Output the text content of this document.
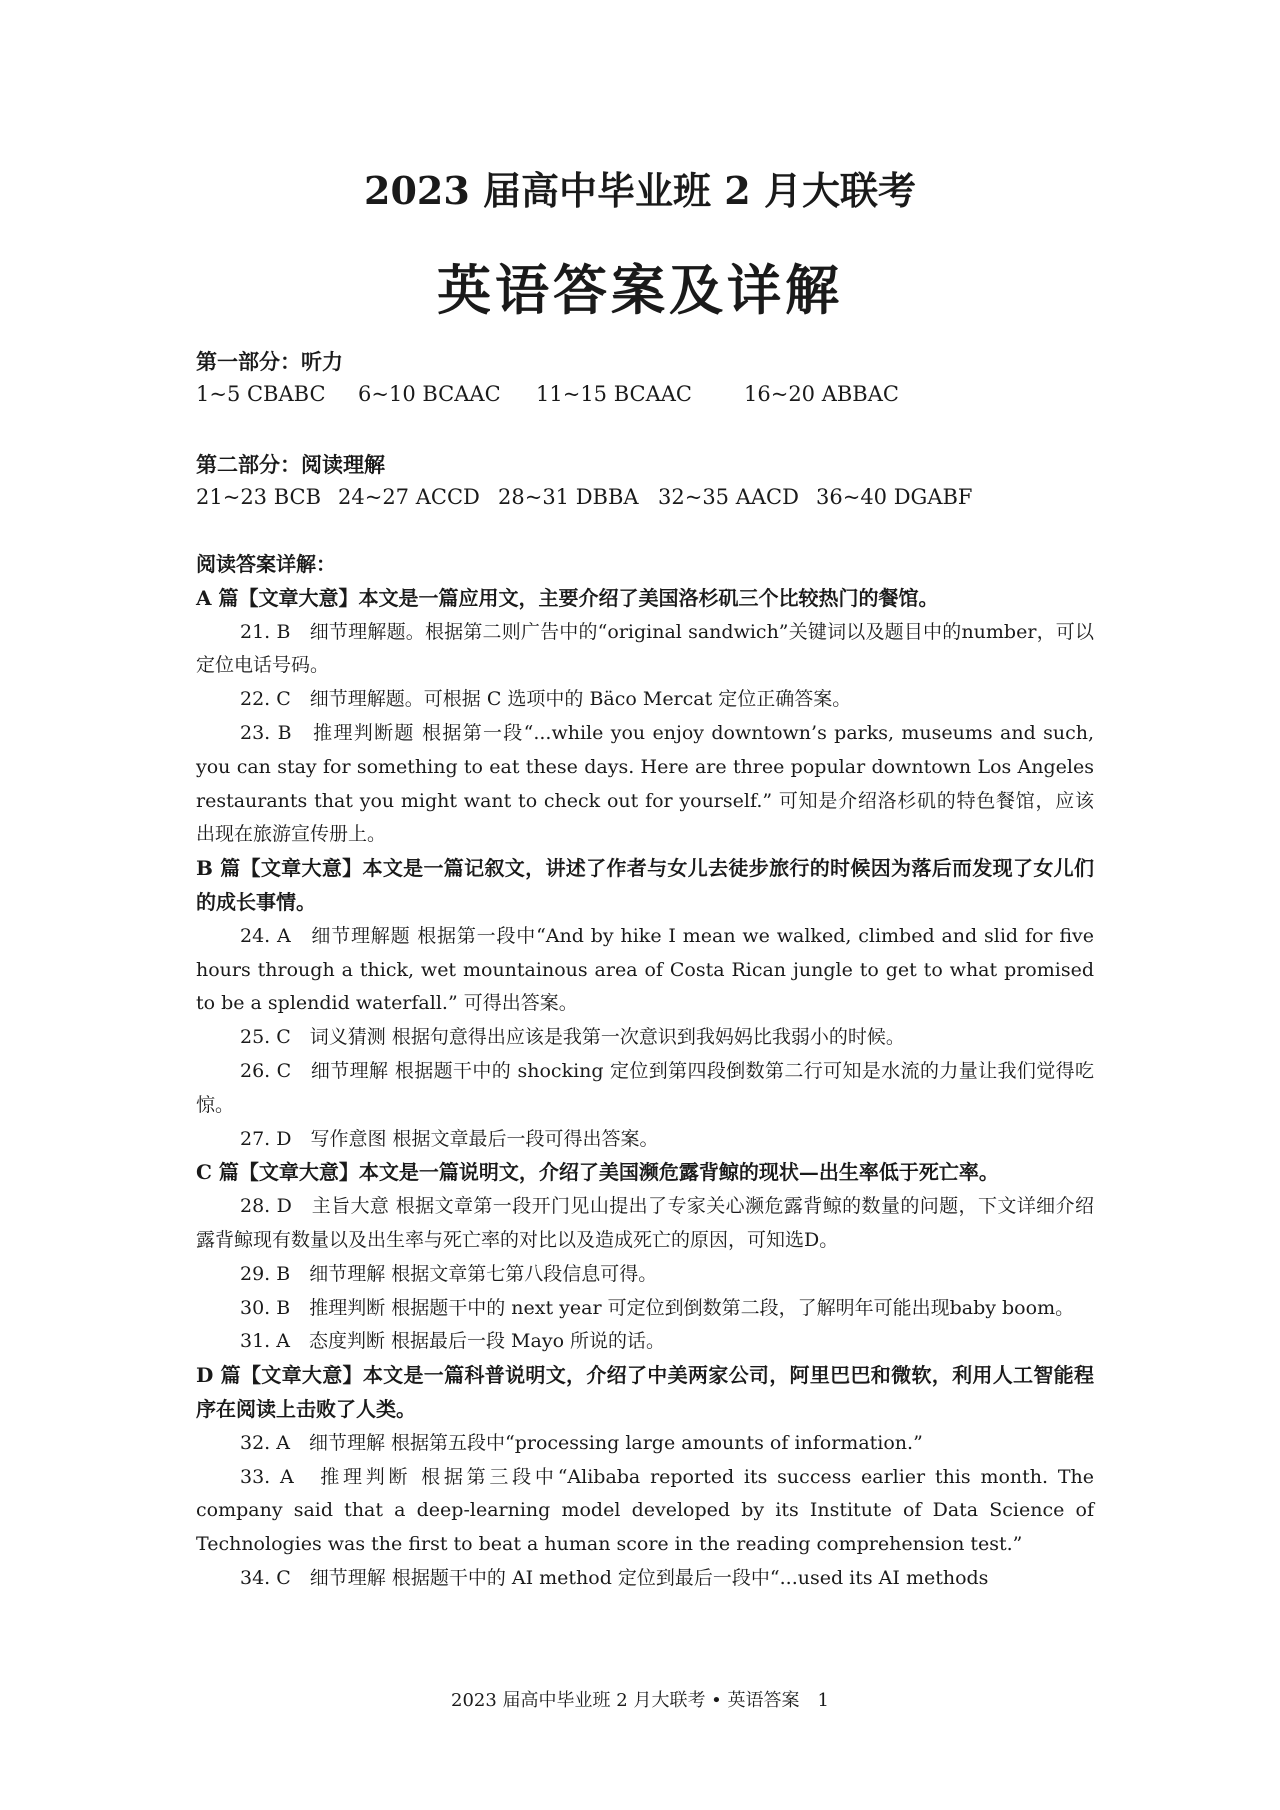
2023 届高中毕业班 2 月大联考
英语答案及详解
第一部分：听力
1~5 CBABC 6~10 BCAAC 11~15 BCAAC 16~20 ABBAC
第二部分：阅读理解
21~23 BCB 24~27 ACCD 28~31 DBBA 32~35 AACD 36~40 DGABF

阅读答案详解：

A 篇【文章大意】本文是一篇应用文，主要介绍了美国洛杉矶三个比较热门的餐馆。

21. B　细节理解题。根据第二则广告中的“original sandwich”关键词以及题目中的number，可以定位电话号码。

22. C　细节理解题。可根据 C 选项中的 Bäco Mercat 定位正确答案。

23. B　推理判断题 根据第一段“...while you enjoy downtown’s parks, museums and such, you can stay for something to eat these days. Here are three popular downtown Los Angeles restaurants that you might want to check out for yourself.” 可知是介绍洛杉矶的特色餐馆，应该出现在旅游宣传册上。

B 篇【文章大意】本文是一篇记叙文，讲述了作者与女儿去徒步旅行的时候因为落后而发现了女儿们的成长事情。

24. A　细节理解题 根据第一段中“And by hike I mean we walked, climbed and slid for five hours through a thick, wet mountainous area of Costa Rican jungle to get to what promised to be a splendid waterfall.” 可得出答案。

25. C　词义猜测 根据句意得出应该是我第一次意识到我妈妈比我弱小的时候。

26. C　细节理解 根据题干中的 shocking 定位到第四段倒数第二行可知是水流的力量让我们觉得吃惊。

27. D　写作意图 根据文章最后一段可得出答案。

C 篇【文章大意】本文是一篇说明文，介绍了美国濒危露背鲸的现状—出生率低于死亡率。

28. D　主旨大意 根据文章第一段开门见山提出了专家关心濒危露背鲸的数量的问题，下文详细介绍露背鲸现有数量以及出生率与死亡率的对比以及造成死亡的原因，可知选D。

29. B　细节理解 根据文章第七第八段信息可得。

30. B　推理判断 根据题干中的 next year 可定位到倒数第二段，了解明年可能出现baby boom。

31. A　态度判断 根据最后一段 Mayo 所说的话。

D 篇【文章大意】本文是一篇科普说明文，介绍了中美两家公司，阿里巴巴和微软，利用人工智能程序在阅读上击败了人类。

32. A　细节理解 根据第五段中“processing large amounts of information.”

33. A　推理判断 根据第三段中“Alibaba reported its success earlier this month. The company said that a deep-learning model developed by its Institute of Data Science of Technologies was the first to beat a human score in the reading comprehension test.”

34. C　细节理解 根据题干中的 AI method 定位到最后一段中“...used its AI methods

2023 届高中毕业班 2 月大联考 • 英语答案　1
